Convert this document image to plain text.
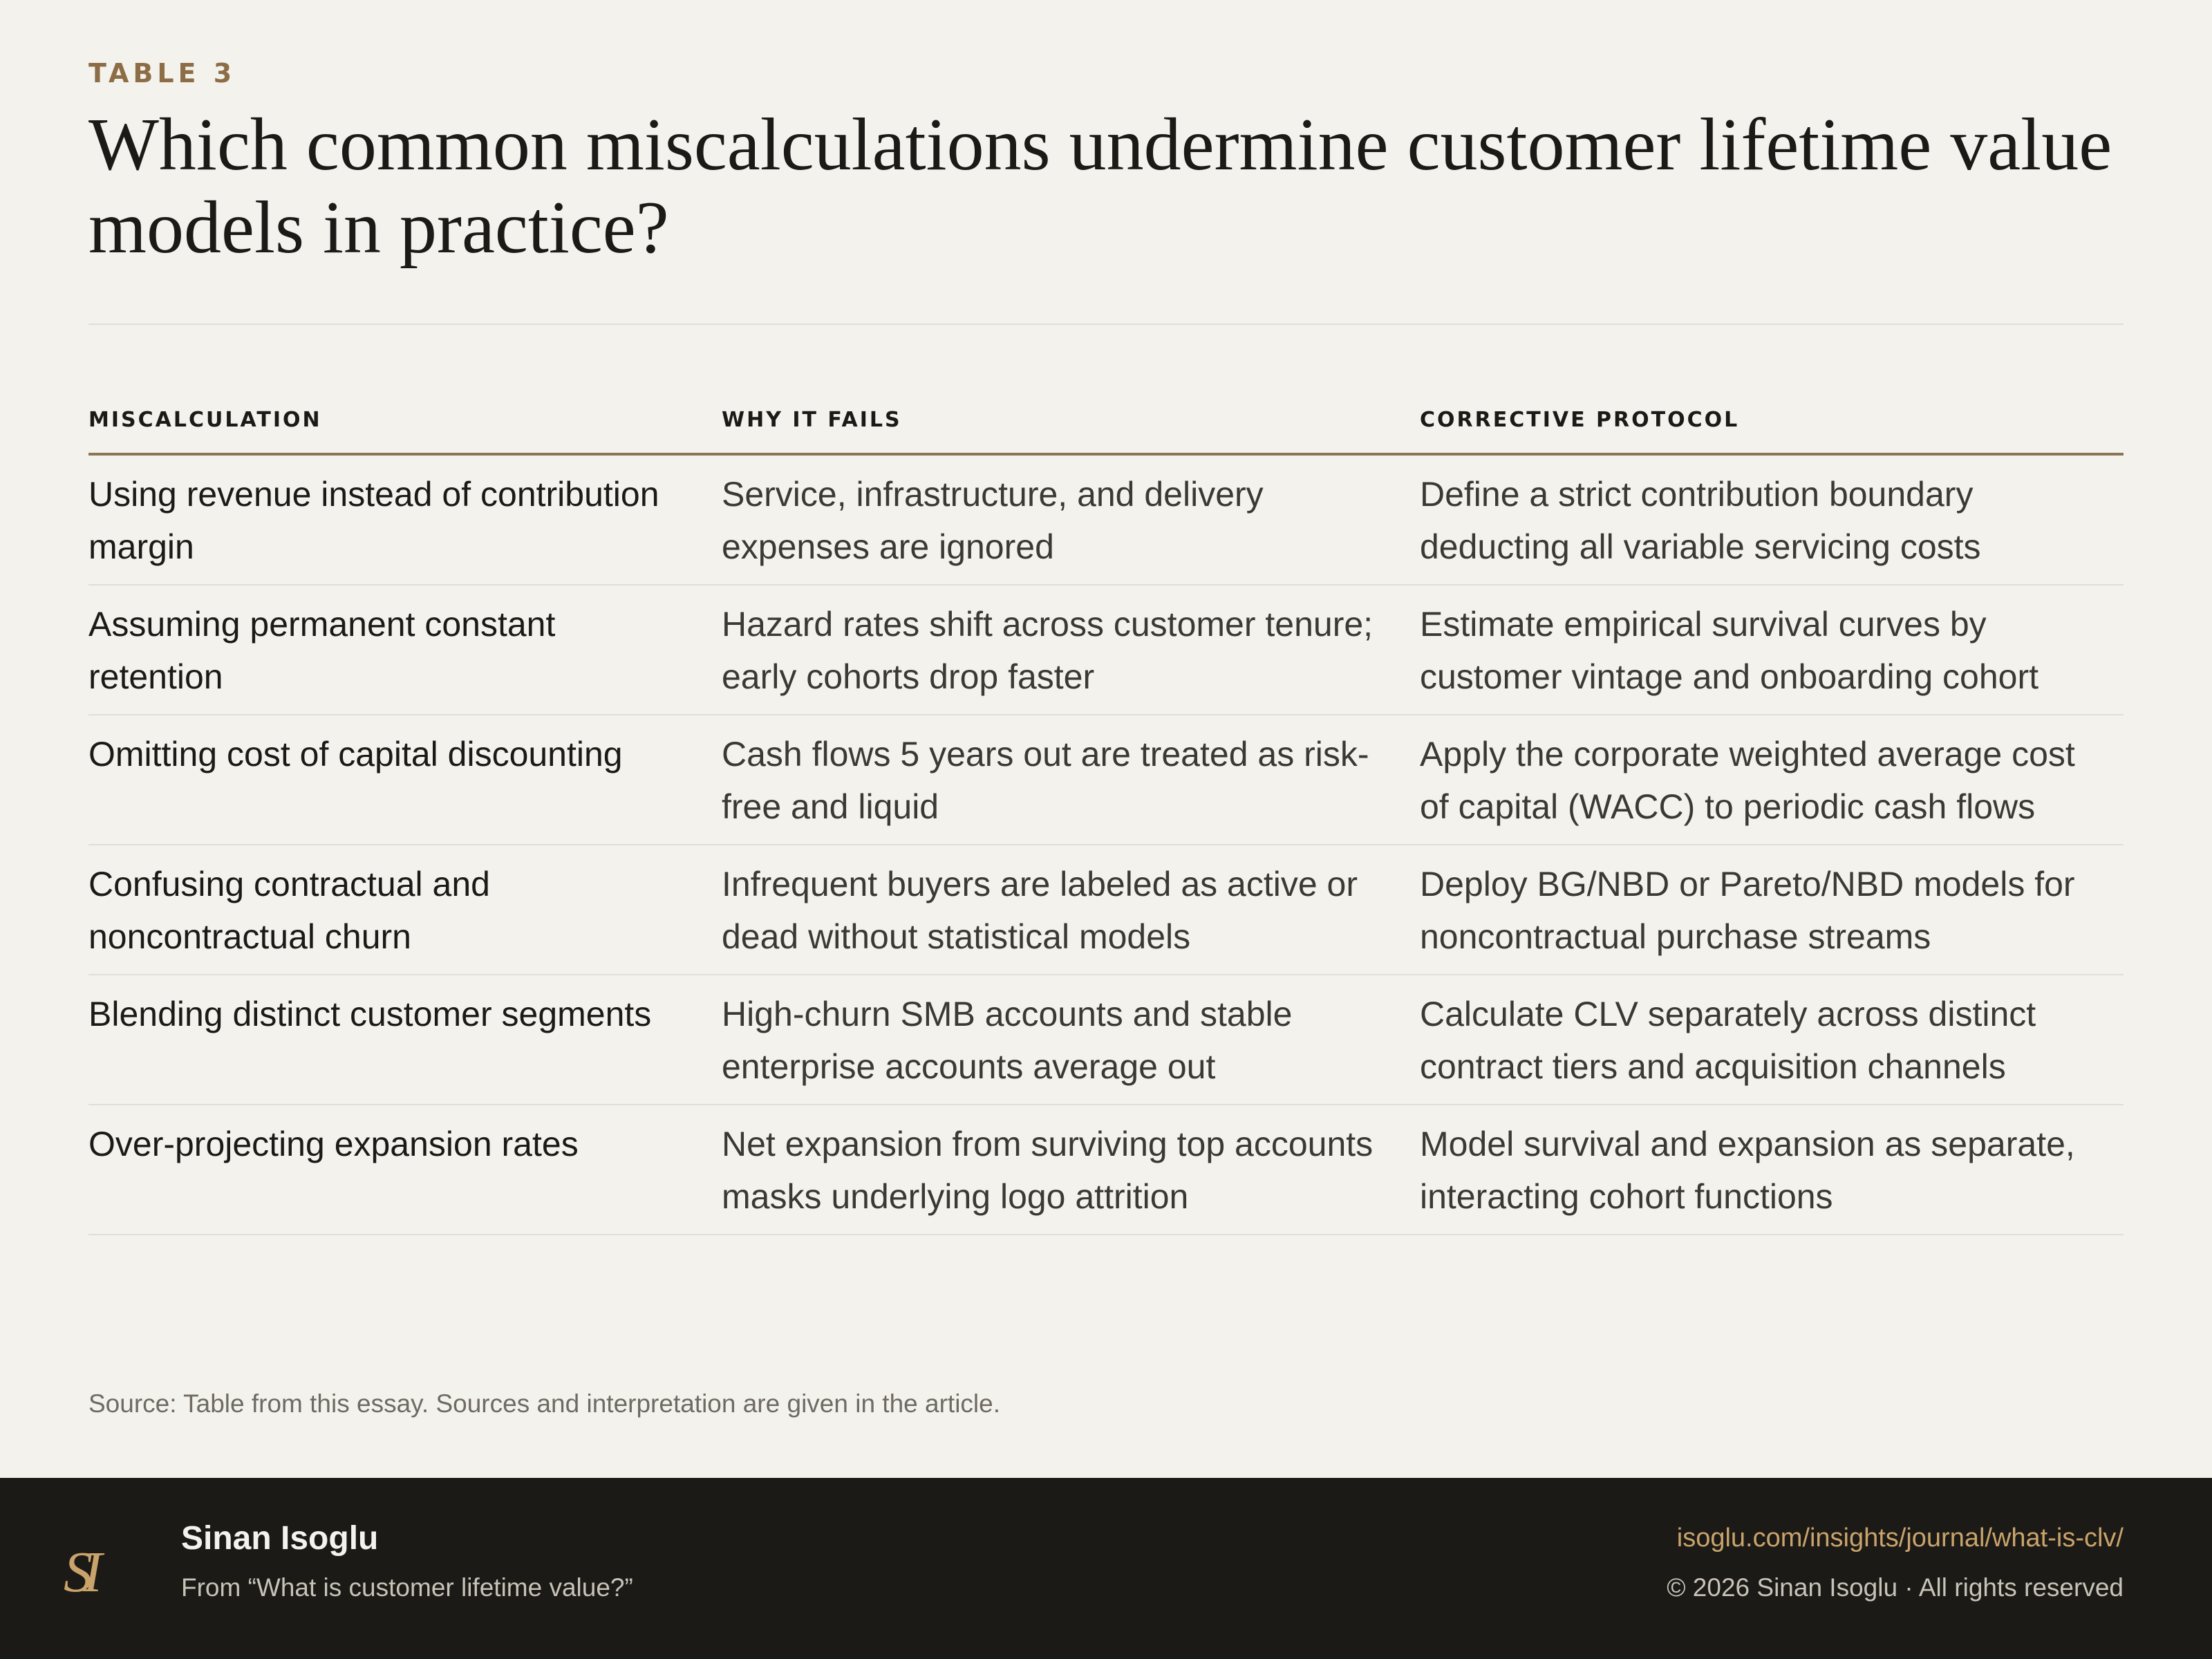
TABLE 3
Which common miscalculations undermine customer lifetime value models in practice?
MISCALCULATION	WHY IT FAILS	CORRECTIVE PROTOCOL
Using revenue instead of contribution margin	Service, infrastructure, and delivery expenses are ignored	Define a strict contribution boundary deducting all variable servicing costs
Assuming permanent constant retention	Hazard rates shift across customer tenure; early cohorts drop faster	Estimate empirical survival curves by customer vintage and onboarding cohort
Omitting cost of capital discounting	Cash flows 5 years out are treated as risk-free and liquid	Apply the corporate weighted average cost of capital (WACC) to periodic cash flows
Confusing contractual and noncontractual churn	Infrequent buyers are labeled as active or dead without statistical models	Deploy BG/NBD or Pareto/NBD models for noncontractual purchase streams
Blending distinct customer segments	High-churn SMB accounts and stable enterprise accounts average out	Calculate CLV separately across distinct contract tiers and acquisition channels
Over-projecting expansion rates	Net expansion from surviving top accounts masks underlying logo attrition	Model survival and expansion as separate, interacting cohort functions
Source: Table from this essay. Sources and interpretation are given in the article.
SI
Sinan Isoglu
From “What is customer lifetime value?”
isoglu.com/insights/journal/what-is-clv/
© 2026 Sinan Isoglu · All rights reserved
